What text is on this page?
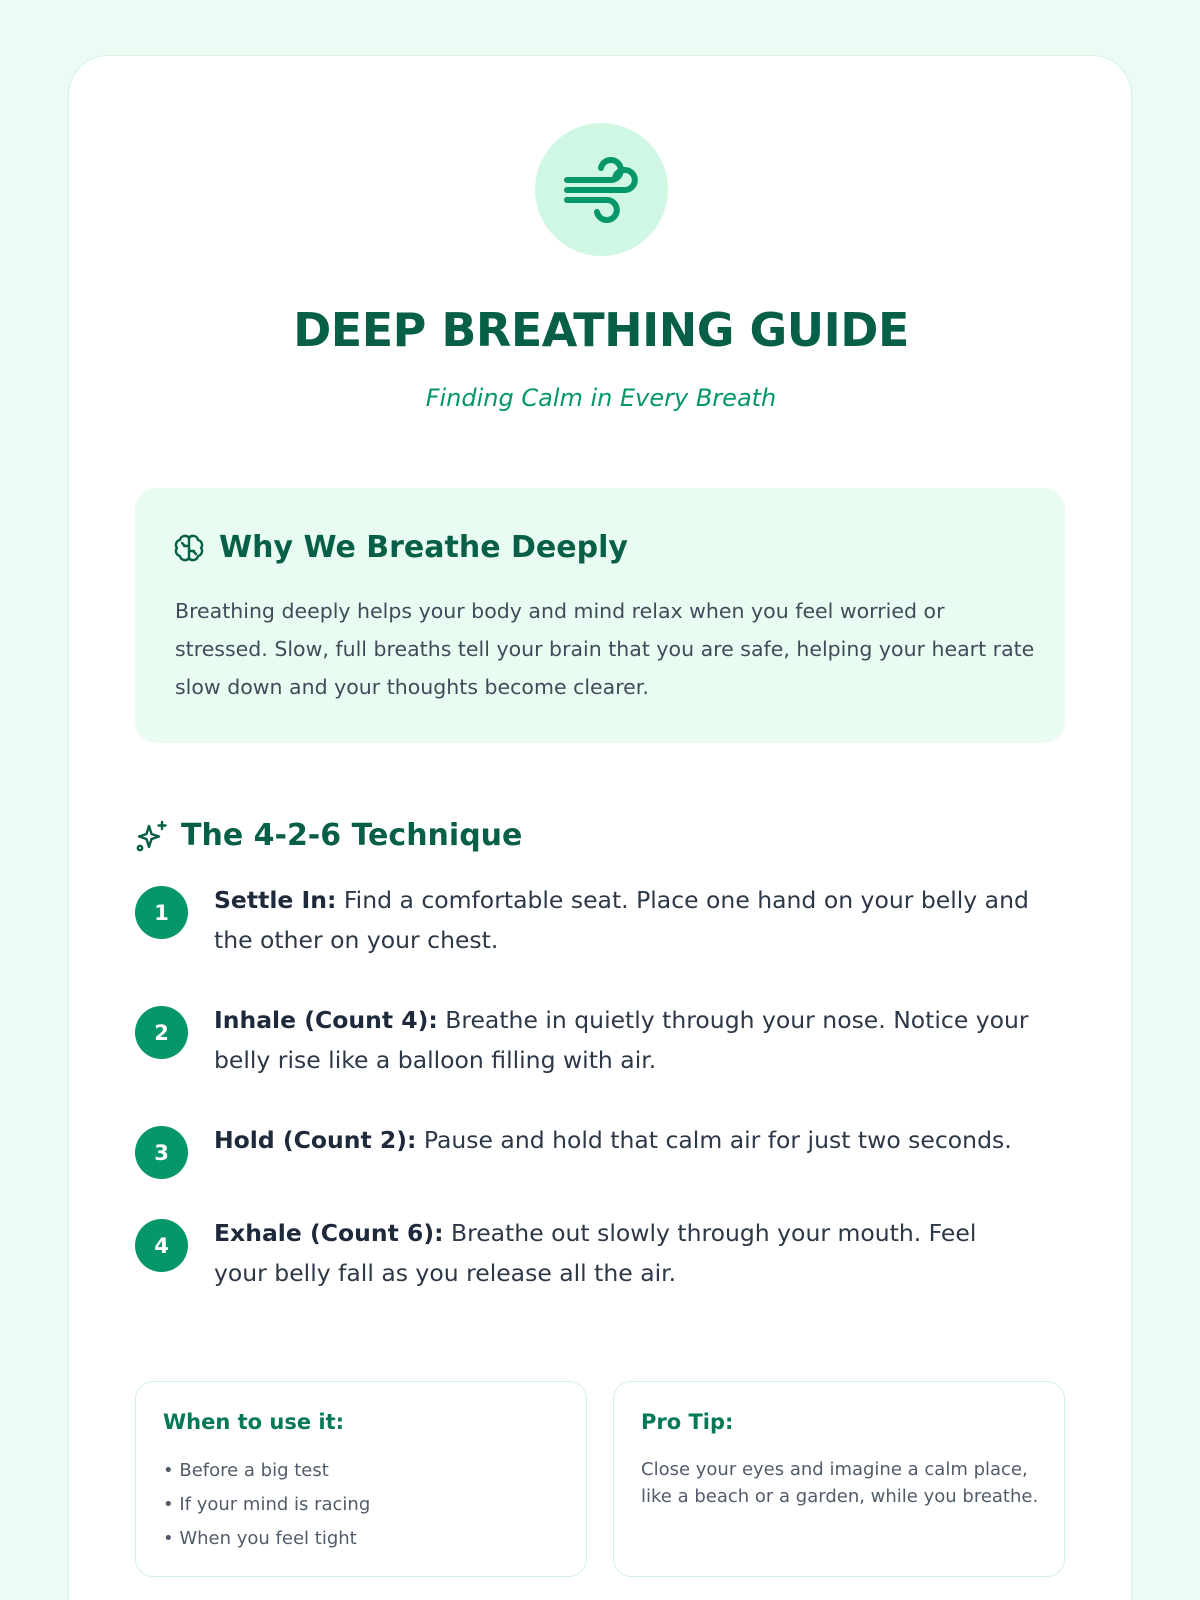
DEEP BREATHING GUIDE
Finding Calm in Every Breath
Why We Breathe Deeply

Breathing deeply helps your body and mind relax when you feel worried or stressed. Slow, full breaths tell your brain that you are safe, helping your heart rate slow down and your thoughts become clearer.

The 4-2-6 Technique
1	Settle In: Find a comfortable seat. Place one hand on your belly and the other on your chest.
2	Inhale (Count 4): Breathe in quietly through your nose. Notice your belly rise like a balloon filling with air.
3	Hold (Count 2): Pause and hold that calm air for just two seconds.
4	Exhale (Count 6): Breathe out slowly through your mouth. Feel your belly fall as you release all the air.
When to use it:
• Before a big test
• If your mind is racing
• When you feel tight
Pro Tip:

Close your eyes and imagine a calm place, like a beach or a garden, while you breathe.
